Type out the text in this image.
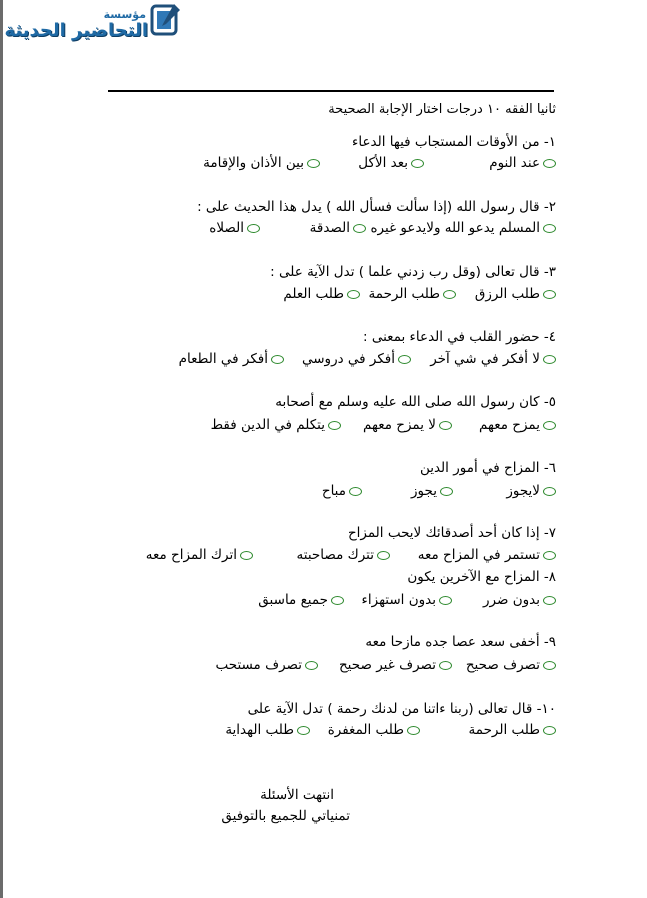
مؤسسة
التحاضير الحديثة
ثانيا الفقه ١٠ درجات اختار الإجابة الصحيحة
١- من الأوقات المستجاب فيها الدعاء
عند النوم
بعد الأكل
بين الأذان والإقامة
٢- قال رسول الله (إذا سألت فسأل الله ) يدل هذا الحديث على :
المسلم يدعو الله ولايدعو غيره
الصدقة
الصلاه
٣- قال تعالى (وقل رب زدني علما ) تدل الآية على :
طلب الرزق
طلب الرحمة
طلب العلم
٤- حضور القلب في الدعاء بمعنى :
لا أفكر في شي آخر
أفكر في دروسي
أفكر في الطعام
٥- كان رسول الله صلى الله عليه وسلم مع أصحابه
يمزح معهم
لا يمزح معهم
يتكلم في الدين فقط
٦- المزاح في أمور الدين
لايجوز
يجوز
مباح
٧- إذا كان أحد أصدقائك لايحب المزاح
تستمر في المزاح معه
تترك مصاحبته
اترك المزاح معه
٨- المزاح مع الآخرين يكون
بدون ضرر
بدون استهزاء
جميع ماسبق
٩- أخفى سعد عصا جده مازحا معه
تصرف صحيح
تصرف غير صحيح
تصرف مستحب
١٠- قال تعالى (ربنا ءاتنا من لدنك رحمة ) تدل الآية على
طلب الرحمة
طلب المغفرة
طلب الهداية
انتهت الأسئلة
تمنياتي للجميع بالتوفيق
